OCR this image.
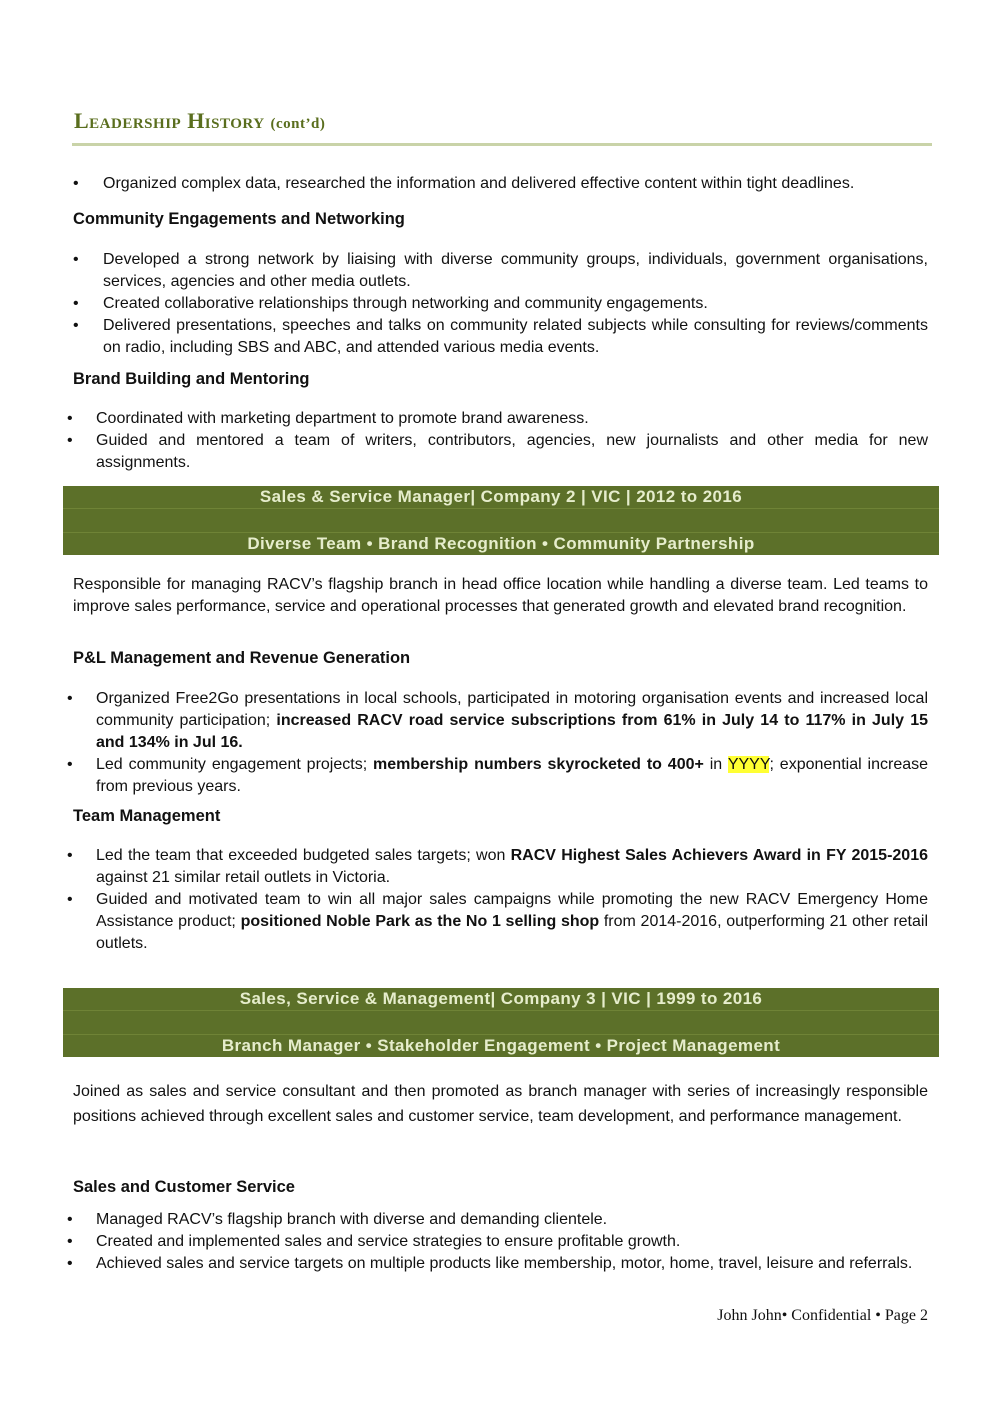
Leadership History (cont’d)
• Organized complex data, researched the information and delivered effective content within tight deadlines.

Community Engagements and Networking

• Developed a strong network by liaising with diverse community groups, individuals, government organisations, services, agencies and other media outlets.
• Created collaborative relationships through networking and community engagements.
• Delivered presentations, speeches and talks on community related subjects while consulting for reviews/comments on radio, including SBS and ABC, and attended various media events.

Brand Building and Mentoring

• Coordinated with marketing department to promote brand awareness.
• Guided and mentored a team of writers, contributors, agencies, new journalists and other media for new assignments.
Sales & Service Manager| Company 2 | VIC | 2012 to 2016
Diverse Team • Brand Recognition • Community Partnership

Responsible for managing RACV’s flagship branch in head office location while handling a diverse team. Led teams to improve sales performance, service and operational processes that generated growth and elevated brand recognition.

P&L Management and Revenue Generation

• Organized Free2Go presentations in local schools, participated in motoring organisation events and increased local community participation; increased RACV road service subscriptions from 61% in July 14 to 117% in July 15 and 134% in Jul 16.
• Led community engagement projects; membership numbers skyrocketed to 400+ in YYYY; exponential increase from previous years.

Team Management

• Led the team that exceeded budgeted sales targets; won RACV Highest Sales Achievers Award in FY 2015-2016 against 21 similar retail outlets in Victoria.
• Guided and motivated team to win all major sales campaigns while promoting the new RACV Emergency Home Assistance product; positioned Noble Park as the No 1 selling shop from 2014-2016, outperforming 21 other retail outlets.
Sales, Service & Management| Company 3 | VIC | 1999 to 2016
Branch Manager • Stakeholder Engagement • Project Management

Joined as sales and service consultant and then promoted as branch manager with series of increasingly responsible positions achieved through excellent sales and customer service, team development, and performance management.

Sales and Customer Service

• Managed RACV’s flagship branch with diverse and demanding clientele.
• Created and implemented sales and service strategies to ensure profitable growth.
• Achieved sales and service targets on multiple products like membership, motor, home, travel, leisure and referrals.
John John• Confidential • Page 2
